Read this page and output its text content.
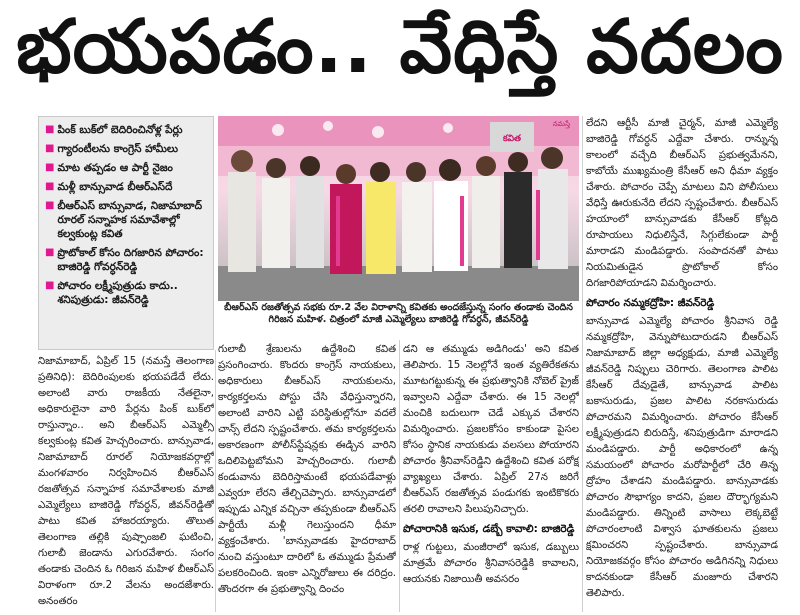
భయపడం.. వేధిస్తే వదలం
■ పింక్ బుక్‌లో బెదిరించినోళ్ల పేర్లు
■ గ్యారంటీలను కాంగ్రెస్ హామీలు
■ మాట తప్పడం ఆ పార్టీ నైజం
■ మళ్లీ బాన్సువాడ బీఆర్ఎస్‌దే
■ బీఆర్ఎస్ బాన్సువాడ, నిజామాబాద్ రూరల్ సన్నాహక సమావేశాల్లో కల్వకుంట్ల కవిత
■ ప్రొటోకాల్ కోసం దిగజారిన పోచారం: బాజిరెడ్డి గోవర్ధన్‌రెడ్డి
■ పోచారం లక్ష్మీపుత్రుడు కాదు.. శనిపుత్రుడు: జీవన్‌రెడ్డి
కవిత
నమస్తే
బీఆర్ఎస్ రజతోత్సవ సభకు రూ.2 వేల విరాళాన్ని కవితకు అందజేస్తున్న సంగం తండాకు చెందిన గిరిజన మహిళ. చిత్రంలో మాజీ ఎమ్మెల్యేలు బాజిరెడ్డి గోవర్ధన్, జీవన్‌రెడ్డి
నిజామాబాద్, ఏప్రిల్ 15 (నమస్తే తెలంగాణ ప్రతినిధి): బెదిరింపులకు భయపడేదే లేదు. అలాంటి వారు రాజకీయ నేతలైనా, అధికారులైనా వారి పేర్లను పింక్ బుక్‌లో రాస్తున్నాం.. అని బీఆర్ఎస్ ఎమ్మెల్సీ కల్వకుంట్ల కవిత హెచ్చరించారు. బాన్సువాడ, నిజామాబాద్ రూరల్ నియోజకవర్గాల్లో మంగళవారం నిర్వహించిన బీఆర్ఎస్ రజతోత్సవ సన్నాహక సమావేశాలకు మాజీ ఎమ్మెల్యేలు బాజిరెడ్డి గోవర్ధన్, జీవన్‌రెడ్డితో పాటు కవిత హాజరయ్యారు. తొలుత తెలంగాణ తల్లికి పుష్పాంజలి ఘటించి, గులాబీ జెండాను ఎగురవేశారు. సంగం తండాకు చెందిన ఓ గిరిజన మహిళ బీఆర్ఎస్ విరాళంగా రూ.2 వేలను అందజేశారు. అనంతరం
గులాబీ శ్రేణులను ఉద్దేశించి కవిత ప్రసంగించారు. కొందరు కాంగ్రెస్ నాయకులు, అధికారులు బీఆర్ఎస్ నాయకులను, కార్యకర్తలను పోస్టు చేసి వేధిస్తున్నారని, అలాంటి వారిని ఎట్టి పరిస్థితుల్లోనూ వదలే చాన్స్ లేదని స్పష్టంచేశారు. తమ కార్యకర్తలను అకారణంగా పోలీస్‌స్టేషన్లకు ఈడ్చిన వారిని ఒదిలిపెట్టబోమని హెచ్చరించారు. గులాబీ కండువాను బెదిరిస్తామంటే భయపడేవాళ్లు ఎవ్వరూ లేరని తేల్చిచెప్పారు. బాన్సువాడలో ఇప్పుడు ఎన్నిక వచ్చినా తప్పకుండా బీఆర్ఎస్ పార్టీయే మళ్లీ గెలుస్తుందని ధీమా వ్యక్తంచేశారు. 'బాన్సువాడకు హైదరాబాద్ నుంచి వస్తుంటూ దారిలో ఓ తమ్ముడు ప్రేమతో పలకరించింది. ఇంకా ఎన్నిరోజులు ఈ దరిద్రం. తొందరగా ఈ ప్రభుత్వాన్ని దించం
డని ఆ తమ్ముడు అడిగిండు' అని కవిత తెలిపారు. 15 నెలల్లోనే ఇంత వ్యతిరేకతను మూటగట్టుకున్న ఈ ప్రభుత్వానికి నోబెల్ ప్రైజ్ ఇవ్వాలని ఎద్దేవా చేశారు. ఈ 15 నెలల్లో మంచికి బదులుగా చెడే ఎక్కువ చేశారని విమర్శించారు. ప్రజలకోసం కాకుండా పైసల కోసం స్థానిక నాయకుడు వలసలు పోయారని పోచారం శ్రీనివాస్‌రెడ్డిని ఉద్దేశించి కవిత పరోక్ష వ్యాఖ్యలు చేశారు. ఏప్రిల్ 27న జరిగే బీఆర్ఎస్ రజతోత్సవ పండుగకు ఇంటికొకరు తరలి రావాలని పిలుపునిచ్చారు.
పోచారానికి ఇసుక, డబ్బే కావాలి: బాజిరెడ్డి
రాళ్ల గుట్టలు, మంజీరాలో ఇసుక, డబ్బులు మాత్రమే పోచారం శ్రీనివాసరెడ్డికి కావాలని, ఆయనకు నిజాయితీ అవసరం
లేదని ఆర్టీసీ మాజీ చైర్మన్, మాజీ ఎమ్మెల్యే బాజిరెడ్డి గోవర్ధన్ ఎద్దేవా చేశారు. రాన్నున్న కాలంలో వచ్చేది బీఆర్ఎస్ ప్రభుత్వమేనని, కాబోయే ముఖ్యమంత్రి కేసీఆర్ అని ధీమా వ్యక్తం చేశారు. పోచారం చెప్పే మాటలు విని పోలీసులు వేధిస్తే ఊరుకునేది లేదని స్పష్టంచేశారు. బీఆర్ఎస్ హయాంలో బాన్సువాడకు కేసీఆర్ కోట్లది రూపాయలు నిధులిస్తేనే, సిగ్గులేకుండా పార్టీ మారాడని మండిపడ్డారు. సంపాదనతో పాటు నియమితుడైన ప్రొటోకాల్ కోసం దిగజారిపోయాడని విమర్శించారు.
పోచారం నమ్మకద్రోహి: జీవన్‌రెడ్డి
బాన్సువాడ ఎమ్మెల్యే పోచారం శ్రీనివాస రెడ్డి నమ్మకద్రోహి, వెన్నుపోటుదారుడని బీఆర్ఎస్ నిజామాబాద్ జిల్లా అధ్యక్షుడు, మాజీ ఎమ్మెల్యే జీవన్‌రెడ్డి నిప్పులు చెరిగారు. తెలంగాణ పాలిట కేసీఆర్ దేవుడైతే, బాన్సువాడ పాలిట బకాసురుడు, ప్రజల పాలిట నరకాసురుడు పోచారమని విమర్శించారు. పోచారం కేసీఆర్ లక్ష్మీపుత్రుడని బిరుదిస్తే, శనిపుత్రుడిగా మారాడని మండిపడ్డారు. పార్టీ అధికారంలో ఉన్న సమయంలో పోచారం మరోపార్టీలో చేరి తిన్న ద్రోహం చేశాడని మండిపడ్డారు. బాన్సువాడకు పోచారం సౌభాగ్యం కాదని, ప్రజల దౌర్భాగ్యమని మండిపడ్డారు. తిన్నింటి వాసాలు లెక్కబెట్టే పోచారంలాంటి విశ్వాస ఘాతకులను ప్రజలు క్షమించరని స్పష్టంచేశారు. బాన్సువాడ నియోజకవర్గం కోసం పోచారం అడిగినన్ని నిధులు కాదనకుండా కేసీఆర్ మంజూరు చేశారని తెలిపారు.
